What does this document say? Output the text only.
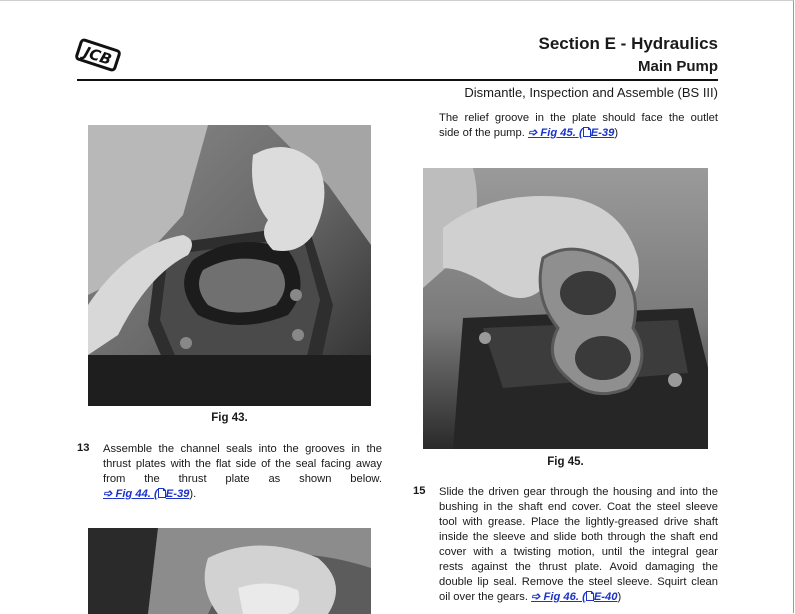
JCB	Section E - Hydraulics
Main Pump
Dismantle, Inspection and Assemble (BS III)
The relief groove in the plate should face the outlet
side of the pump. ➩ Fig 45. ( E-39)
Fig 43.
13 Assemble the channel seals into the grooves in the
thrust plates with the flat side of the seal facing away
from the thrust plate as shown below.
➩ Fig 44. ( E-39).
Fig 45.
15 Slide the driven gear through the housing and into the
bushing in the shaft end cover. Coat the steel sleeve
tool with grease. Place the lightly-greased drive shaft
inside the sleeve and slide both through the shaft end
cover with a twisting motion, until the integral gear
rests against the thrust plate. Avoid damaging the
double lip seal. Remove the steel sleeve. Squirt clean
oil over the gears. ➩ Fig 46. ( E-40)
